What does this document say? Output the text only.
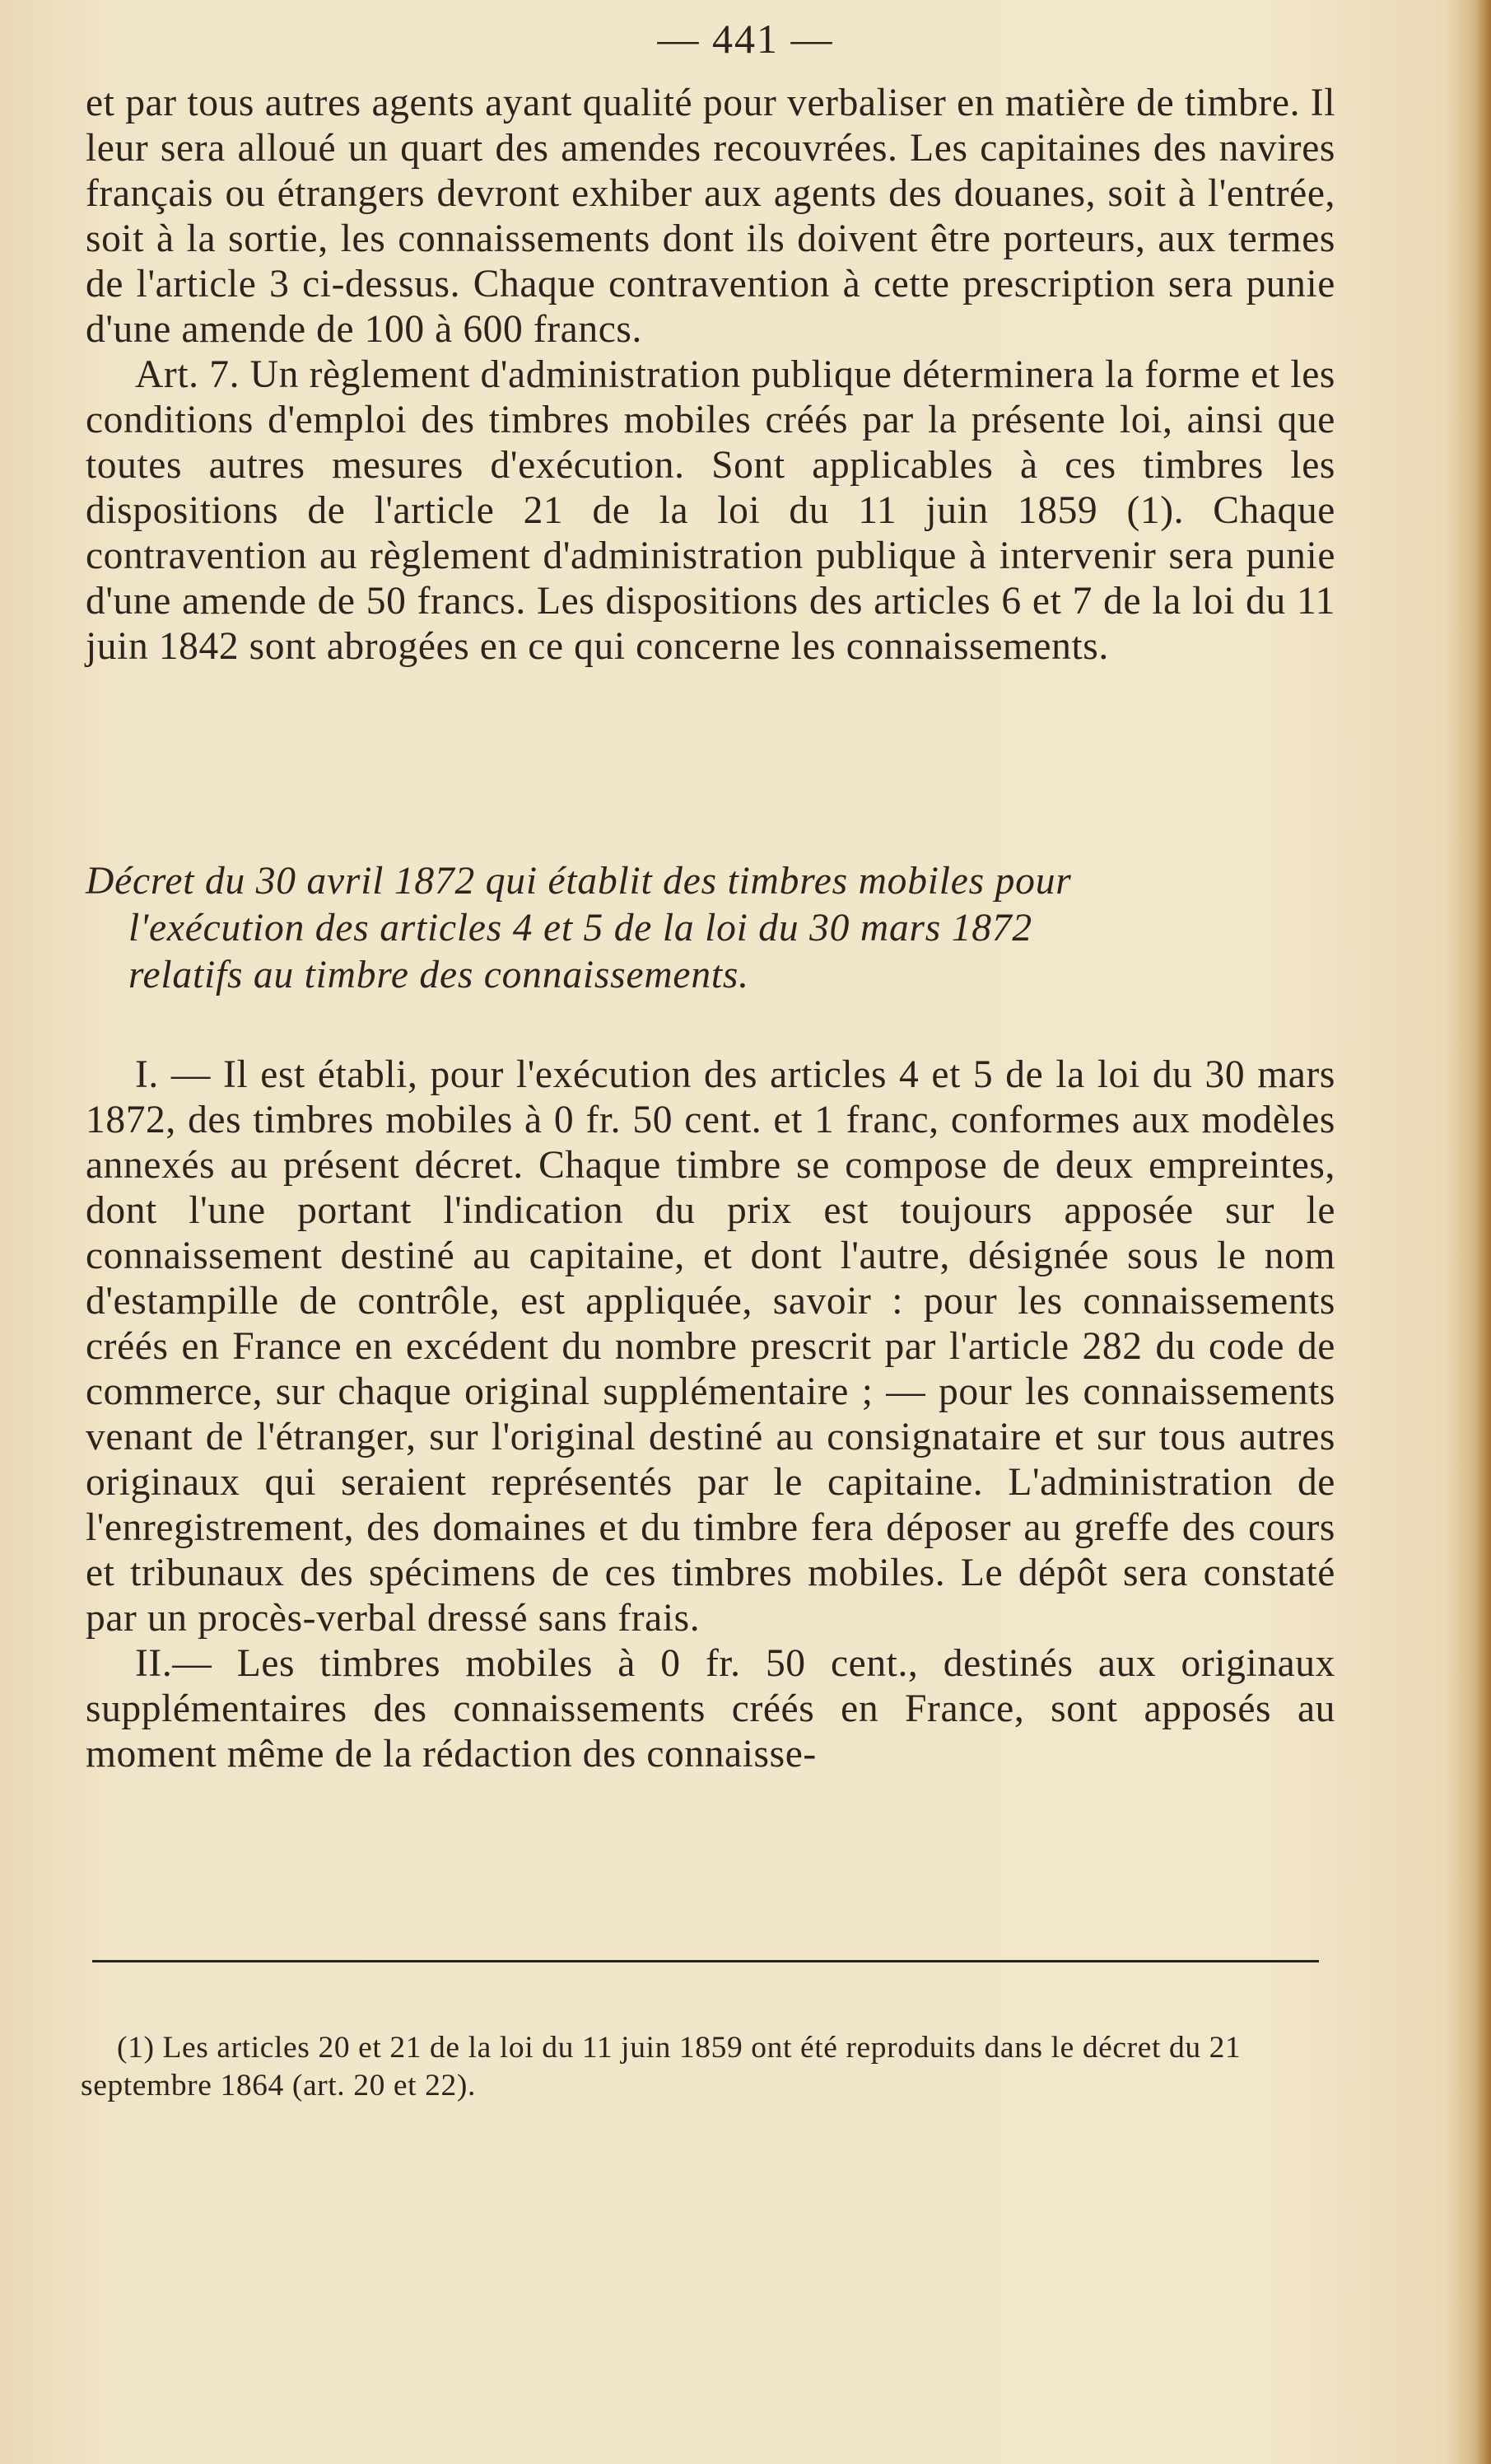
— 441 —

et par tous autres agents ayant qualité pour verbaliser en matière de timbre. Il leur sera alloué un quart des amendes recouvrées. Les capitaines des navires français ou étrangers devront exhiber aux agents des douanes, soit à l'entrée, soit à la sortie, les connaissements dont ils doivent être porteurs, aux termes de l'article 3 ci-dessus. Chaque contravention à cette prescription sera punie d'une amende de 100 à 600 francs.

Art. 7. Un règlement d'administration publique déterminera la forme et les conditions d'emploi des timbres mobiles créés par la présente loi, ainsi que toutes autres mesures d'exécution. Sont applicables à ces timbres les dispositions de l'article 21 de la loi du 11 juin 1859 (1). Chaque contravention au règlement d'administration publique à intervenir sera punie d'une amende de 50 francs. Les dispositions des articles 6 et 7 de la loi du 11 juin 1842 sont abrogées en ce qui concerne les connaissements.

Décret du 30 avril 1872 qui établit des timbres mobiles pour
l'exécution des articles 4 et 5 de la loi du 30 mars 1872
relatifs au timbre des connaissements.

I. — Il est établi, pour l'exécution des articles 4 et 5 de la loi du 30 mars 1872, des timbres mobiles à 0 fr. 50 cent. et 1 franc, conformes aux modèles annexés au présent décret. Chaque timbre se compose de deux empreintes, dont l'une portant l'indication du prix est toujours apposée sur le connaissement destiné au capitaine, et dont l'autre, désignée sous le nom d'estampille de contrôle, est appliquée, savoir : pour les connaissements créés en France en excédent du nombre prescrit par l'article 282 du code de commerce, sur chaque original supplémentaire ; — pour les connaissements venant de l'étranger, sur l'original destiné au consignataire et sur tous autres originaux qui seraient représentés par le capitaine. L'administration de l'enregistrement, des domaines et du timbre fera déposer au greffe des cours et tribunaux des spécimens de ces timbres mobiles. Le dépôt sera constaté par un procès-verbal dressé sans frais.

II.— Les timbres mobiles à 0 fr. 50 cent., destinés aux originaux supplémentaires des connaissements créés en France, sont apposés au moment même de la rédaction des connaisse-

(1) Les articles 20 et 21 de la loi du 11 juin 1859 ont été reproduits dans le décret du 21 septembre 1864 (art. 20 et 22).
